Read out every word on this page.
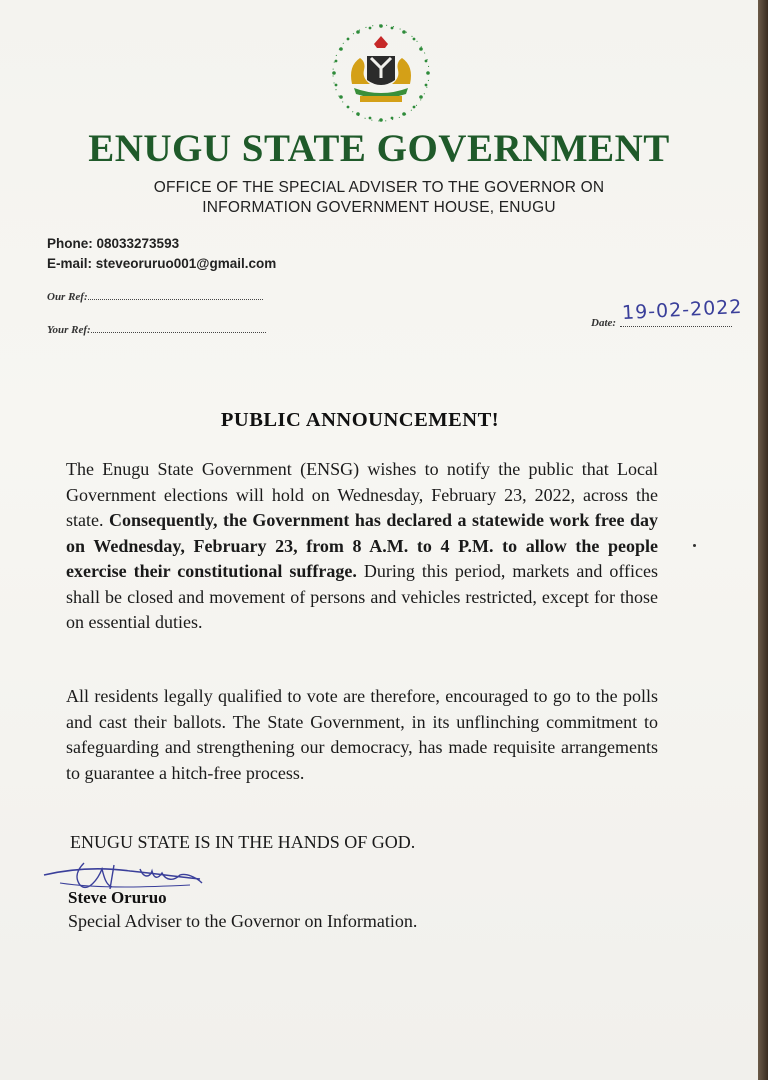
ENUGU STATE GOVERNMENT
OFFICE OF THE SPECIAL ADVISER TO THE GOVERNOR ON
INFORMATION GOVERNMENT HOUSE, ENUGU
Phone: 08033273593
E-mail: steveoruruo001@gmail.com
Our Ref:
Your Ref:
Date: 19-02-2022
PUBLIC ANNOUNCEMENT!

The Enugu State Government (ENSG) wishes to notify the public that Local Government elections will hold on Wednesday, February 23, 2022, across the state. Consequently, the Government has declared a statewide work free day on Wednesday, February 23, from 8 A.M. to 4 P.M. to allow the people exercise their constitutional suffrage. During this period, markets and offices shall be closed and movement of persons and vehicles restricted, except for those on essential duties.

All residents legally qualified to vote are therefore, encouraged to go to the polls and cast their ballots. The State Government, in its unflinching commitment to safeguarding and strengthening our democracy, has made requisite arrangements to guarantee a hitch-free process.

ENUGU STATE IS IN THE HANDS OF GOD.
Steve Oruruo
Special Adviser to the Governor on Information.
